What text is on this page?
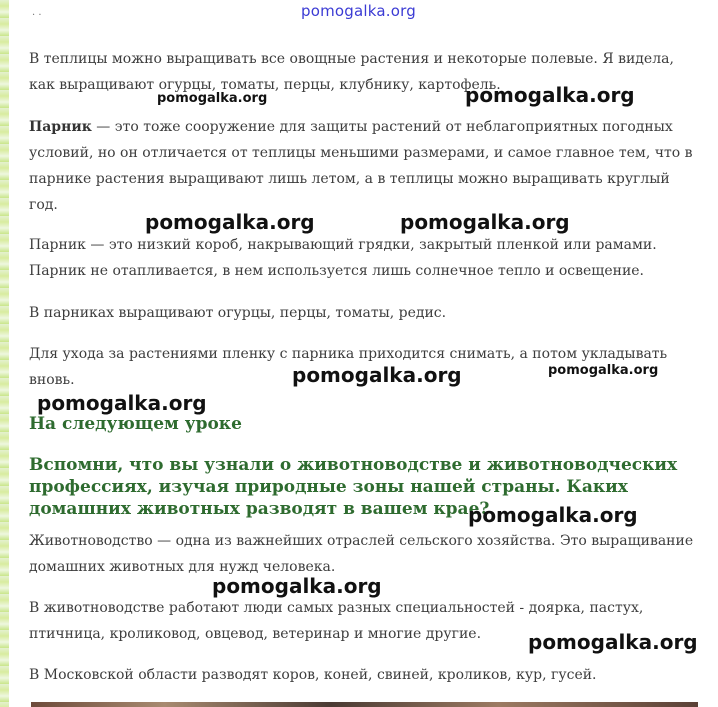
pomogalka.org
· ·

В теплицы можно выращивать все овощные растения и некоторые полевые. Я видела, как выращивают огурцы, томаты, перцы, клубнику, картофель.

Парник — это тоже сооружение для защиты растений от неблагоприятных погодных условий, но он отличается от теплицы меньшими размерами, и самое главное тем, что в парнике растения выращивают лишь летом, а в теплицы можно выращивать круглый год.

Парник — это низкий короб, накрывающий грядки, закрытый пленкой или рамами. Парник не отапливается, в нем используется лишь солнечное тепло и освещение.

В парниках выращивают огурцы, перцы, томаты, редис.

Для ухода за растениями пленку с парника приходится снимать, а потом укладывать вновь.

На следующем уроке
Вспомни, что вы узнали о животноводстве и животноводческих профессиях, изучая природные зоны нашей страны. Каких домашних животных разводят в вашем крае?

Животноводство — одна из важнейших отраслей сельского хозяйства. Это выращивание домашних животных для нужд человека.

В животноводстве работают люди самых разных специальностей - доярка, пастух, птичница, кроликовод, овцевод, ветеринар и многие другие.

В Московской области разводят коров, коней, свиней, кроликов, кур, гусей.

pomogalka.org	pomogalka.org
pomogalka.org	pomogalka.org
pomogalka.org	pomogalka.org
pomogalka.org
pomogalka.org
pomogalka.org
pomogalka.org
